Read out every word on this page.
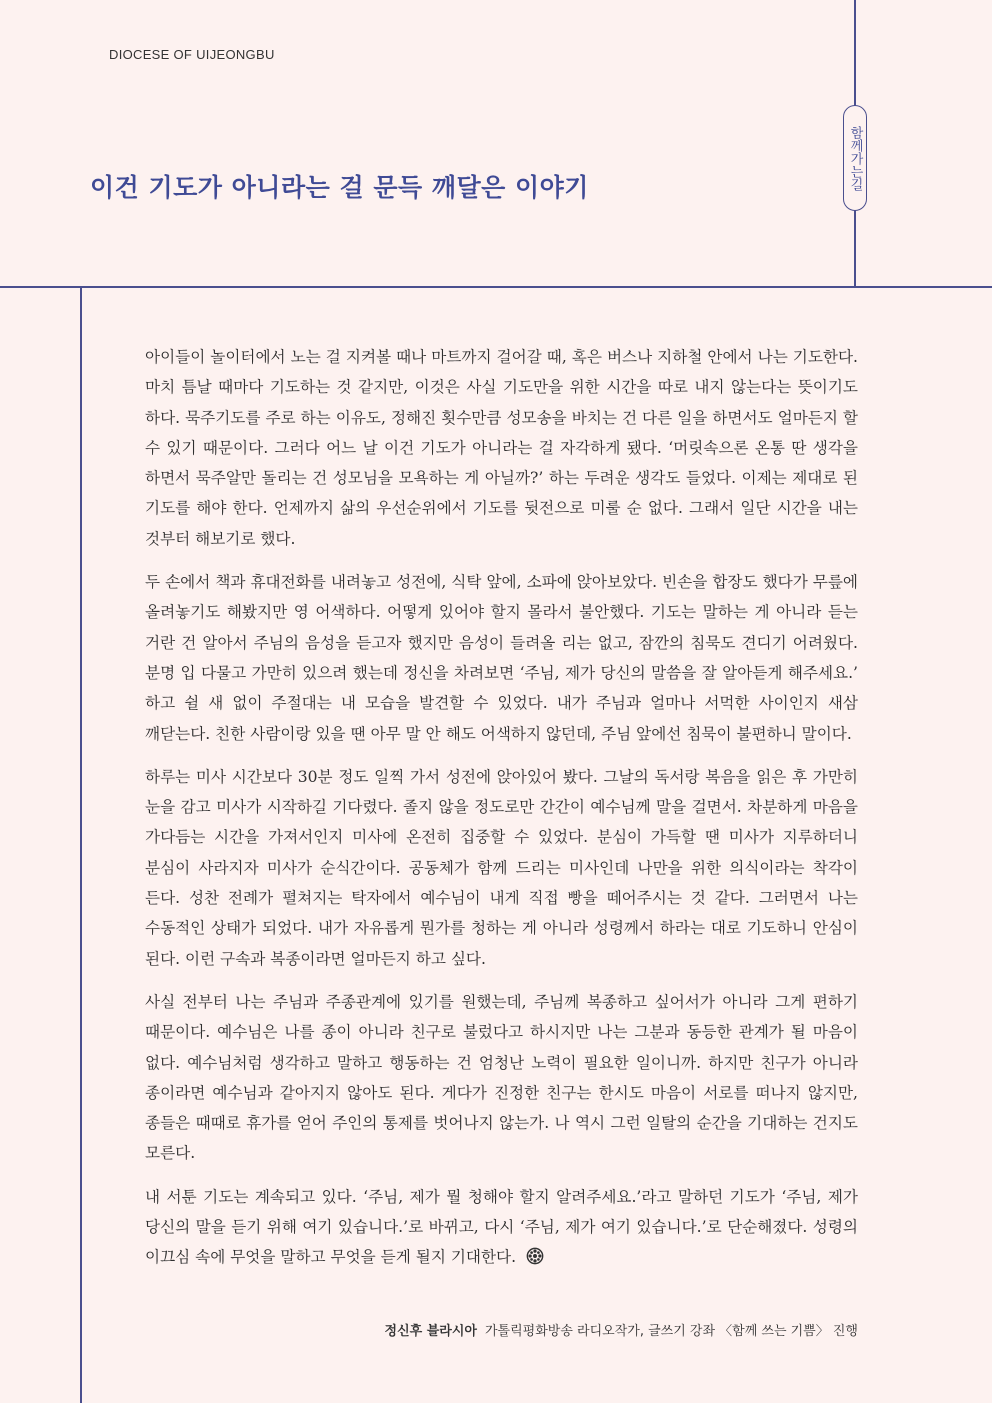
DIOCESE OF UIJEONGBU
함께가는길
이건 기도가 아니라는 걸 문득 깨달은 이야기

아이들이 놀이터에서 노는 걸 지켜볼 때나 마트까지 걸어갈 때, 혹은 버스나 지하철 안에서 나는 기도한다. 마치 틈날 때마다 기도하는 것 같지만, 이것은 사실 기도만을 위한 시간을 따로 내지 않는다는 뜻이기도 하다. 묵주기도를 주로 하는 이유도, 정해진 횟수만큼 성모송을 바치는 건 다른 일을 하면서도 얼마든지 할 수 있기 때문이다. 그러다 어느 날 이건 기도가 아니라는 걸 자각하게 됐다. ‘머릿속으론 온통 딴 생각을 하면서 묵주알만 돌리는 건 성모님을 모욕하는 게 아닐까?’ 하는 두려운 생각도 들었다. 이제는 제대로 된 기도를 해야 한다. 언제까지 삶의 우선순위에서 기도를 뒷전으로 미룰 순 없다. 그래서 일단 시간을 내는 것부터 해보기로 했다.

두 손에서 책과 휴대전화를 내려놓고 성전에, 식탁 앞에, 소파에 앉아보았다. 빈손을 합장도 했다가 무릎에 올려놓기도 해봤지만 영 어색하다. 어떻게 있어야 할지 몰라서 불안했다. 기도는 말하는 게 아니라 듣는 거란 건 알아서 주님의 음성을 듣고자 했지만 음성이 들려올 리는 없고, 잠깐의 침묵도 견디기 어려웠다. 분명 입 다물고 가만히 있으려 했는데 정신을 차려보면 ‘주님, 제가 당신의 말씀을 잘 알아듣게 해주세요.’ 하고 쉴 새 없이 주절대는 내 모습을 발견할 수 있었다. 내가 주님과 얼마나 서먹한 사이인지 새삼 깨닫는다. 친한 사람이랑 있을 땐 아무 말 안 해도 어색하지 않던데, 주님 앞에선 침묵이 불편하니 말이다.

하루는 미사 시간보다 30분 정도 일찍 가서 성전에 앉아있어 봤다. 그날의 독서랑 복음을 읽은 후 가만히 눈을 감고 미사가 시작하길 기다렸다. 졸지 않을 정도로만 간간이 예수님께 말을 걸면서. 차분하게 마음을 가다듬는 시간을 가져서인지 미사에 온전히 집중할 수 있었다. 분심이 가득할 땐 미사가 지루하더니 분심이 사라지자 미사가 순식간이다. 공동체가 함께 드리는 미사인데 나만을 위한 의식이라는 착각이 든다. 성찬 전례가 펼쳐지는 탁자에서 예수님이 내게 직접 빵을 떼어주시는 것 같다. 그러면서 나는 수동적인 상태가 되었다. 내가 자유롭게 뭔가를 청하는 게 아니라 성령께서 하라는 대로 기도하니 안심이 된다. 이런 구속과 복종이라면 얼마든지 하고 싶다.

사실 전부터 나는 주님과 주종관계에 있기를 원했는데, 주님께 복종하고 싶어서가 아니라 그게 편하기 때문이다. 예수님은 나를 종이 아니라 친구로 불렀다고 하시지만 나는 그분과 동등한 관계가 될 마음이 없다. 예수님처럼 생각하고 말하고 행동하는 건 엄청난 노력이 필요한 일이니까. 하지만 친구가 아니라 종이라면 예수님과 같아지지 않아도 된다. 게다가 진정한 친구는 한시도 마음이 서로를 떠나지 않지만, 종들은 때때로 휴가를 얻어 주인의 통제를 벗어나지 않는가. 나 역시 그런 일탈의 순간을 기대하는 건지도 모른다.

내 서툰 기도는 계속되고 있다. ‘주님, 제가 뭘 청해야 할지 알려주세요.’라고 말하던 기도가 ‘주님, 제가 당신의 말을 듣기 위해 여기 있습니다.’로 바뀌고, 다시 ‘주님, 제가 여기 있습니다.’로 단순해졌다. 성령의 이끄심 속에 무엇을 말하고 무엇을 듣게 될지 기대한다.

정신후 블라시아 가톨릭평화방송 라디오작가, 글쓰기 강좌 〈함께 쓰는 기쁨〉 진행
